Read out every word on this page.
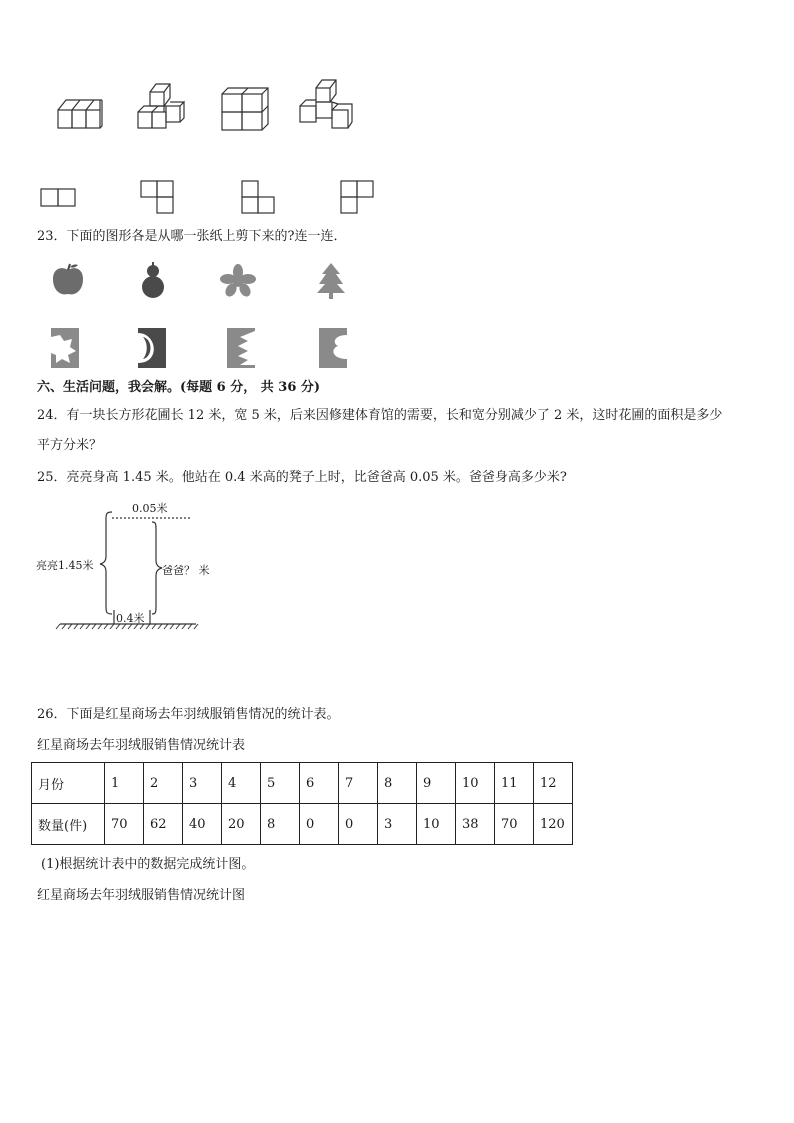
23．下面的图形各是从哪一张纸上剪下来的?连一连．
六、生活问题，我会解。(每题 6 分， 共 36 分)
24．有一块长方形花圃长 12 米，宽 5 米，后来因修建体育馆的需要，长和宽分别减少了 2 米，这时花圃的面积是多少
平方分米？
25．亮亮身高 1.45 米。他站在 0.4 米高的凳子上时，比爸爸高 0.05 米。爸爸身高多少米?
0.05米
亮亮1.45米	爸爸？ 米
0.4米
26．下面是红星商场去年羽绒服销售情况的统计表。
红星商场去年羽绒服销售情况统计表
月份	1	2	3	4	5	6	7	8	9	10	11	12
数量(件)	70	62	40	20	8	0	0	3	10	38	70	120
(1)根据统计表中的数据完成统计图。
红星商场去年羽绒服销售情况统计图
